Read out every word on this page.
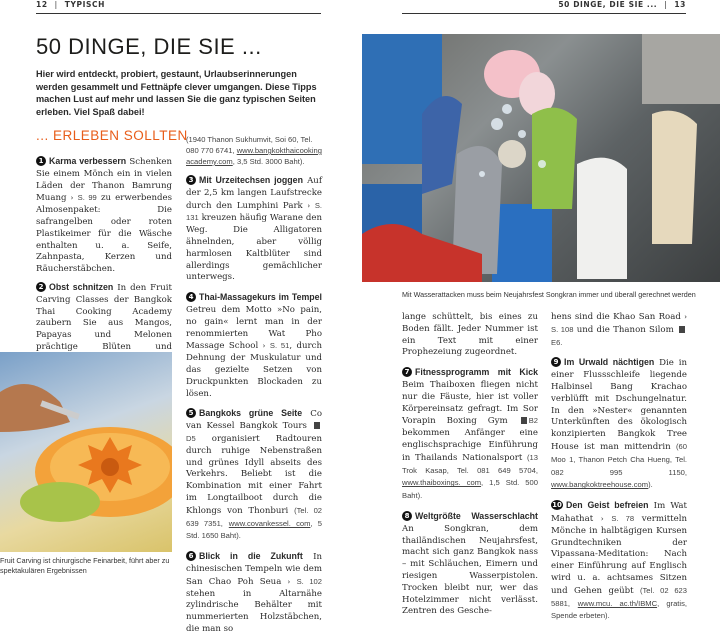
12 | TYPISCH	50 DINGE, DIE SIE ... | 13
50 DINGE, DIE SIE ...
Hier wird entdeckt, probiert, gestaunt, Urlaubserinnerungen werden gesammelt und Fettnäpfe clever umgangen. Diese Tipps machen Lust auf mehr und lassen Sie die ganz typischen Seiten erleben. Viel Spaß dabei!
... ERLEBEN SOLLTEN

1 Karma verbessern Schenken Sie einem Mönch ein in vielen Läden der Thanon Bamrung Muang › S. 99 zu erwerbendes Almosenpaket: Die safrangelben oder roten Plastikeimer für die Wäsche enthalten u. a. Seife, Zahnpasta, Kerzen und Räucherstäbchen.

2 Obst schnitzen In den Fruit Carving Classes der Bangkok Thai Cooking Academy zaubern Sie aus Mangos, Papayas und Melonen prächtige Blüten und

Fruit Carving ist chirurgische Feinarbeit, führt aber zu spektakulären Ergebnissen

(1940 Thanon Sukhumvit, Soi 60, Tel. 080 770 6741, www.bangkokthaicooking academy.com, 3,5 Std. 3000 Baht).

3 Mit Urzeitechsen joggen Auf der 2,5 km langen Laufstrecke durch den Lumphini Park › S. 131 kreuzen häufig Warane den Weg. Die Alligatoren ähnelnden, aber völlig harmlosen Kaltblüter sind allerdings gemächlicher unterwegs.

4 Thai-Massagekurs im Tempel Getreu dem Motto »No pain, no gain« lernt man in der renommierten Wat Pho Massage School › S. 51, durch Dehnung der Muskulatur und das gezielte Setzen von Druckpunkten Blockaden zu lösen.

5 Bangkoks grüne Seite Co van Kessel Bangkok Tours D5 organisiert Radtouren durch ruhige Nebenstraßen und grünes Idyll abseits des Verkehrs. Beliebt ist die Kombination mit einer Fahrt im Longtailboot durch die Khlongs von Thonburi (Tel. 02 639 7351, www.covankessel. com, 5 Std. 1650 Baht).

6 Blick in die Zukunft In chinesischen Tempeln wie dem San Chao Poh Seua › S. 102 stehen in Altarnähe zylindrische Behälter mit nummerierten Holzstäbchen, die man so

Mit Wasserattacken muss beim Neujahrsfest Songkran immer und überall gerechnet werden

lange schüttelt, bis eines zu Boden fällt. Jeder Nummer ist ein Text mit einer Prophezeiung zugeordnet.

7 Fitnessprogramm mit Kick Beim Thaiboxen fliegen nicht nur die Fäuste, hier ist voller Körpereinsatz gefragt. Im Sor Vorapin Boxing Gym	B2 bekommen Anfänger eine englischsprachige Einführung in Thailands Nationalsport (13 Trok Kasap, Tel. 081 649 5704, www.thaiboxings. com, 1,5 Std. 500 Baht).

8 Weltgrößte Wasserschlacht An Songkran, dem thailändischen Neujahrsfest, macht sich ganz Bangkok nass – mit Schläuchen, Eimern und riesigen Wasserpistolen. Trocken bleibt nur, wer das Hotelzimmer nicht verlässt. Zentren des Gesche-

hens sind die Khao San Road › S. 108 und die Thanon Silom E6.

9 Im Urwald nächtigen Die in einer Flussschleife liegende Halbinsel Bang Krachao verblüfft mit Dschungelnatur. In den »Nester« genannten Unterkünften des ökologisch konzipierten Bangkok Tree House ist man mittendrin (60 Moo 1, Thanon Petch Cha Hueng, Tel. 082 995 1150, www.bangkoktreehouse.com).

10 Den Geist befreien Im Wat Mahathat › S. 78 vermitteln Mönche in halbtägigen Kursen Grundtechniken der Vipassana-Meditation: Nach einer Einführung auf Englisch wird u. a. achtsames Sitzen und Gehen geübt (Tel. 02 623 5881, www.mcu. ac.th/IBMC, gratis, Spende erbeten).
